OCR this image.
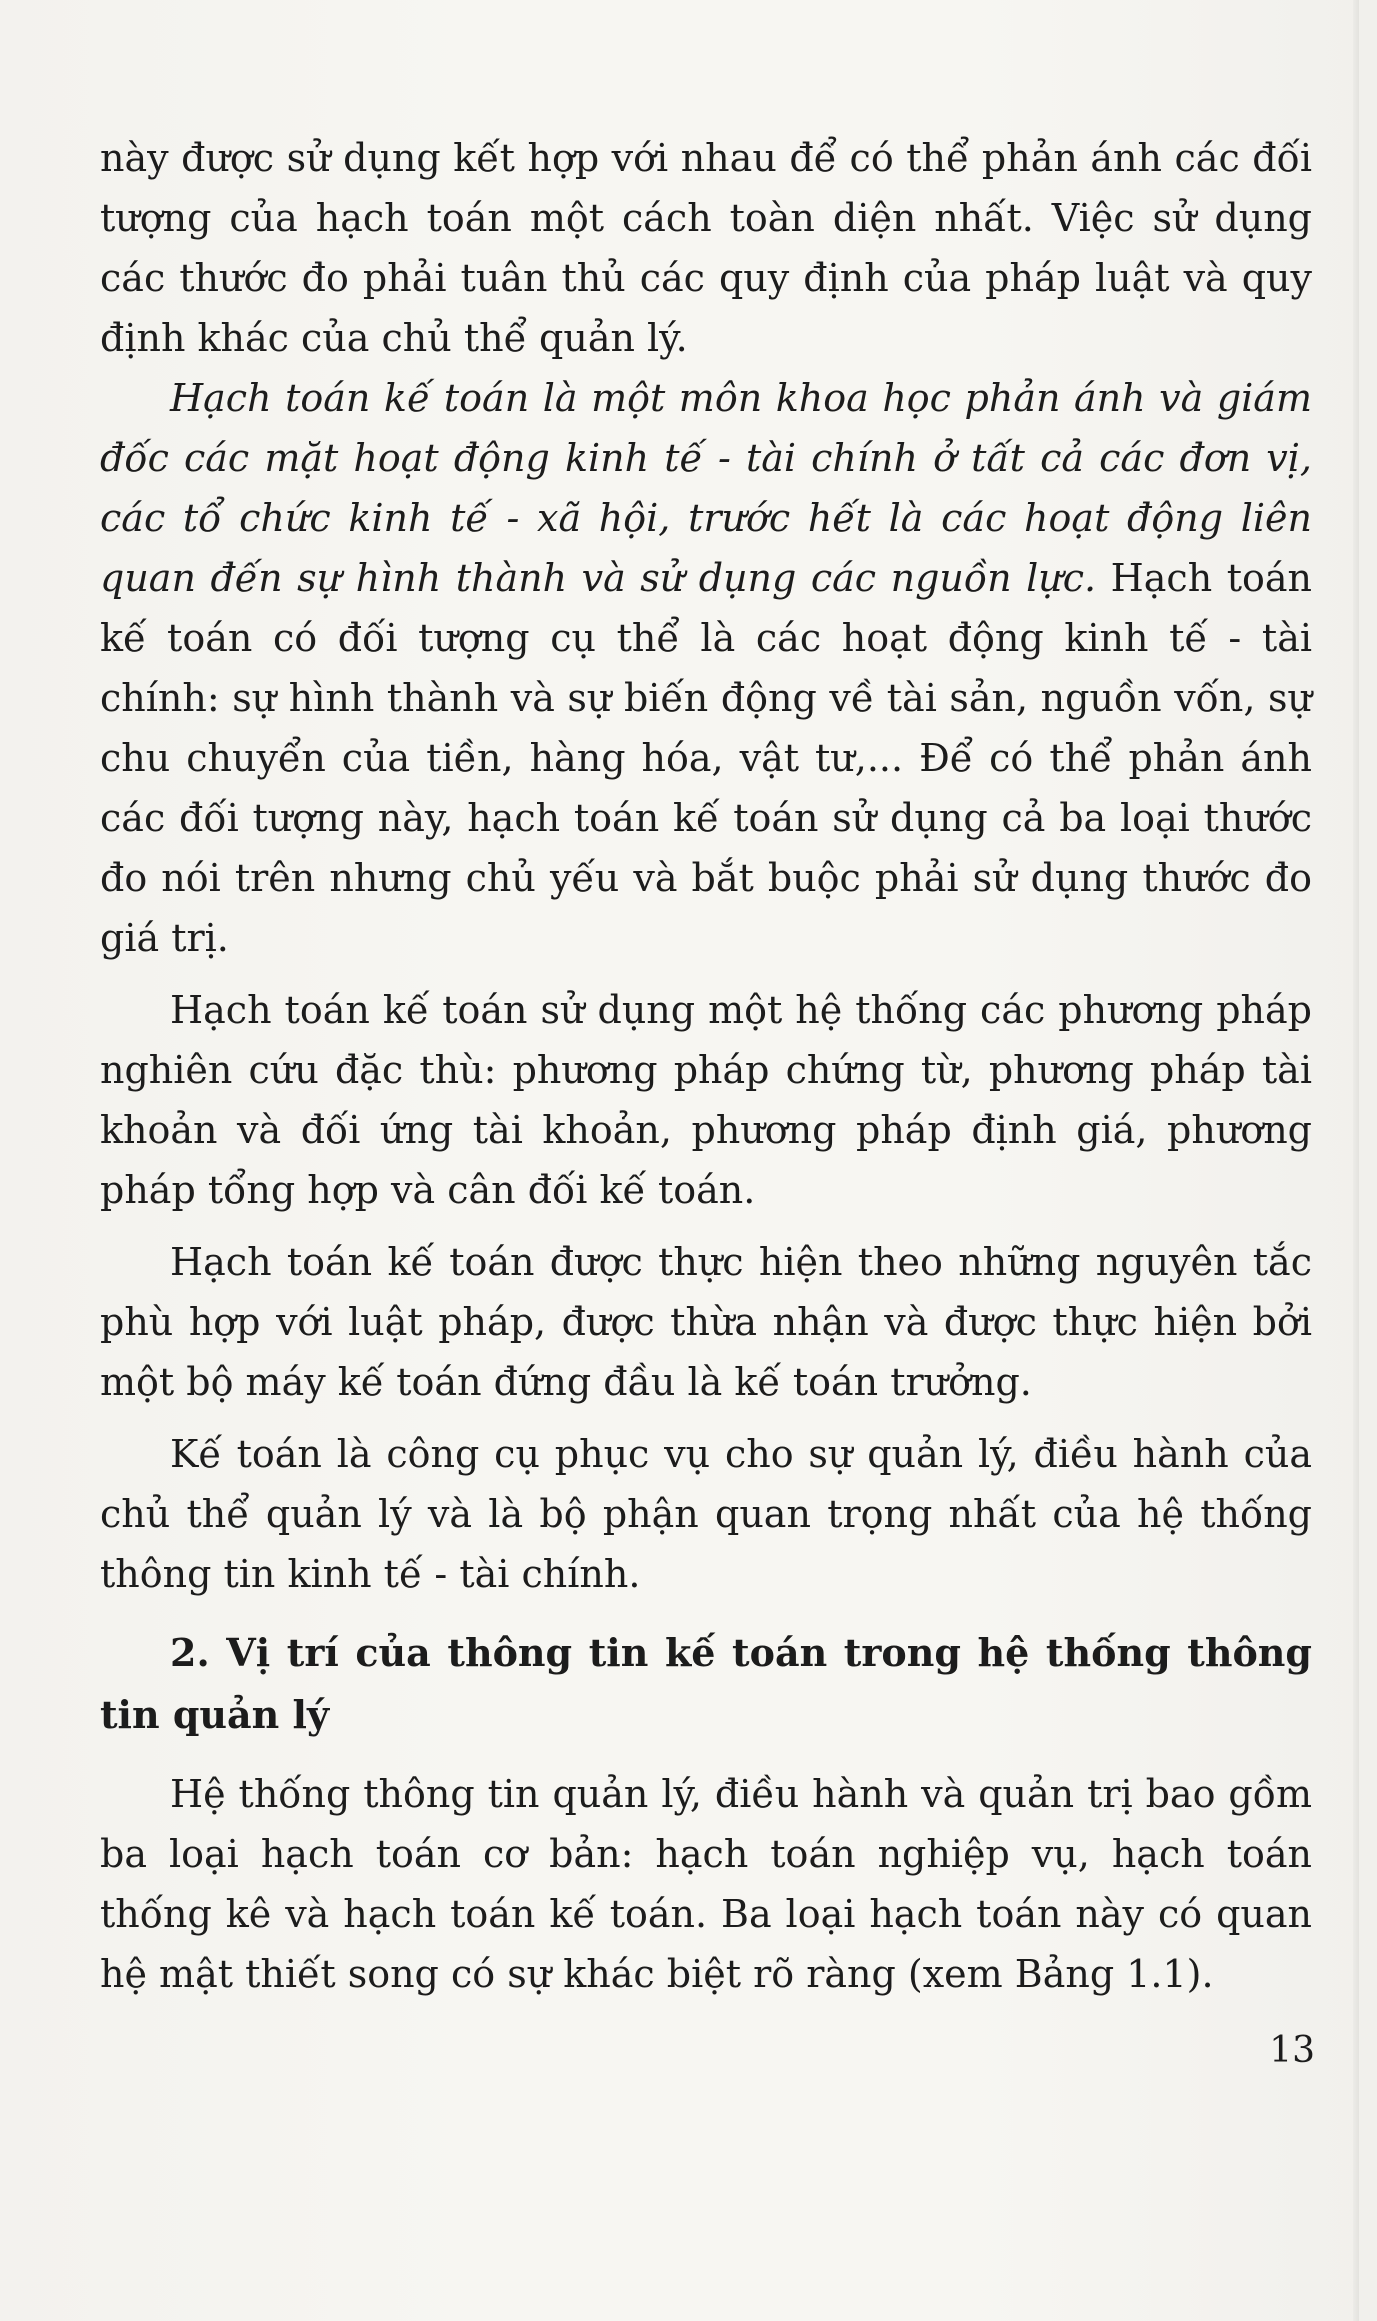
này được sử dụng kết hợp với nhau để có thể phản ánh các đối tượng của hạch toán một cách toàn diện nhất. Việc sử dụng các thước đo phải tuân thủ các quy định của pháp luật và quy định khác của chủ thể quản lý.

Hạch toán kế toán là một môn khoa học phản ánh và giám đốc các mặt hoạt động kinh tế - tài chính ở tất cả các đơn vị, các tổ chức kinh tế - xã hội, trước hết là các hoạt động liên quan đến sự hình thành và sử dụng các nguồn lực. Hạch toán kế toán có đối tượng cụ thể là các hoạt động kinh tế - tài chính: sự hình thành và sự biến động về tài sản, nguồn vốn, sự chu chuyển của tiền, hàng hóa, vật tư,... Để có thể phản ánh các đối tượng này, hạch toán kế toán sử dụng cả ba loại thước đo nói trên nhưng chủ yếu và bắt buộc phải sử dụng thước đo giá trị.

Hạch toán kế toán sử dụng một hệ thống các phương pháp nghiên cứu đặc thù: phương pháp chứng từ, phương pháp tài khoản và đối ứng tài khoản, phương pháp định giá, phương pháp tổng hợp và cân đối kế toán.

Hạch toán kế toán được thực hiện theo những nguyên tắc phù hợp với luật pháp, được thừa nhận và được thực hiện bởi một bộ máy kế toán đứng đầu là kế toán trưởng.

Kế toán là công cụ phục vụ cho sự quản lý, điều hành của chủ thể quản lý và là bộ phận quan trọng nhất của hệ thống thông tin kinh tế - tài chính.

2. Vị trí của thông tin kế toán trong hệ thống thông tin quản lý

Hệ thống thông tin quản lý, điều hành và quản trị bao gồm ba loại hạch toán cơ bản: hạch toán nghiệp vụ, hạch toán thống kê và hạch toán kế toán. Ba loại hạch toán này có quan hệ mật thiết song có sự khác biệt rõ ràng (xem Bảng 1.1).

13
